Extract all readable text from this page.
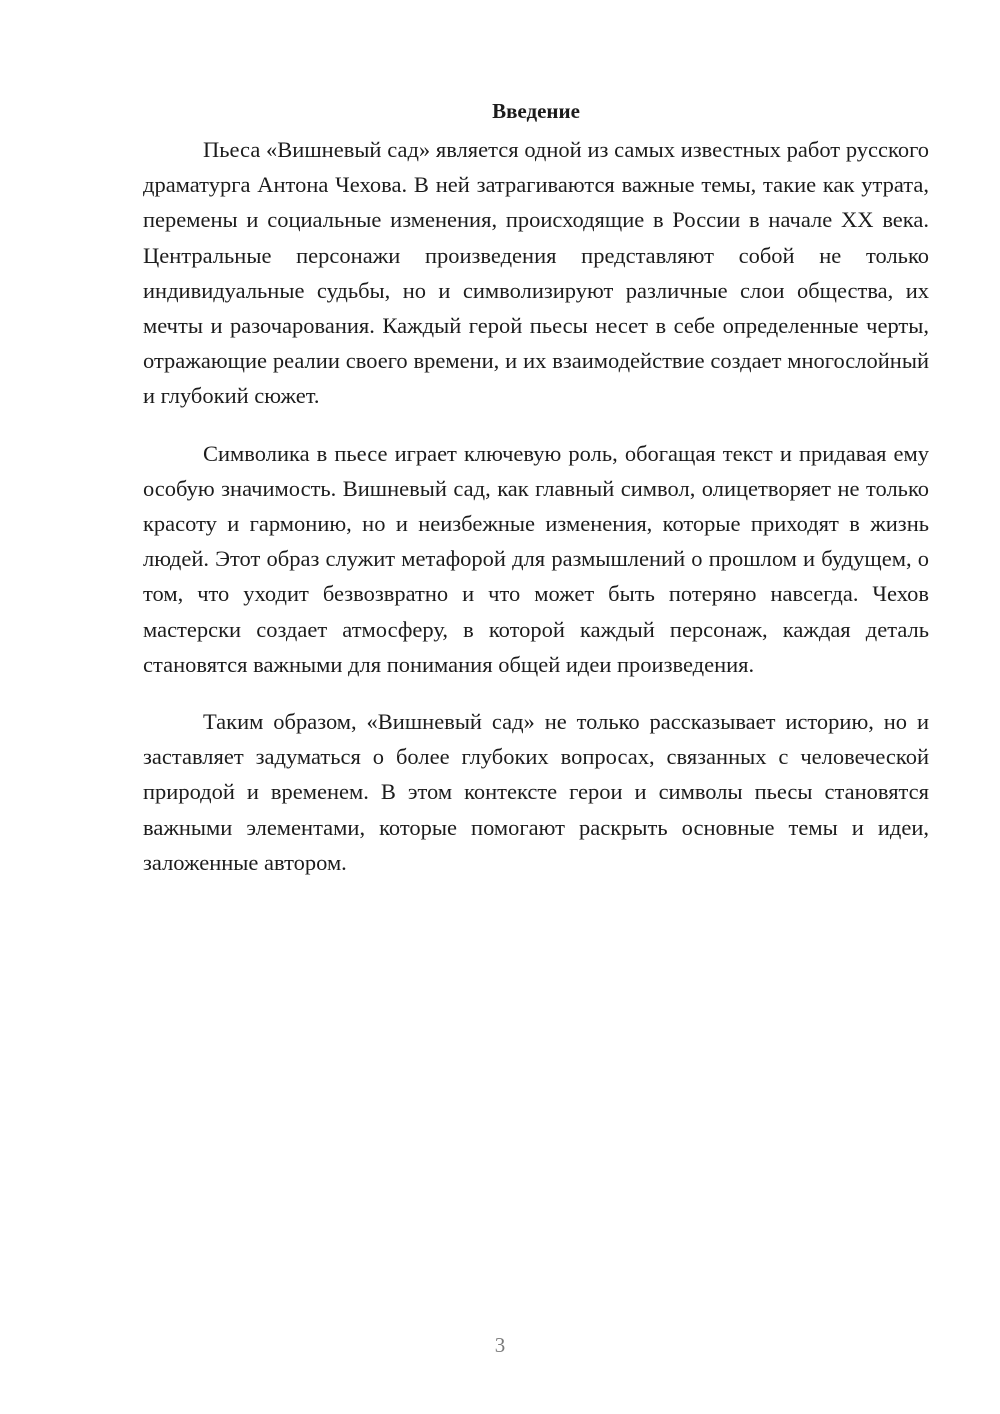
Введение

Пьеса «Вишневый сад» является одной из самых известных работ русского драматурга Антона Чехова. В ней затрагиваются важные темы, такие как утрата, перемены и социальные изменения, происходящие в России в начале XX века. Центральные персонажи произведения представляют собой не только индивидуальные судьбы, но и символизируют различные слои общества, их мечты и разочарования. Каждый герой пьесы несет в себе определенные черты, отражающие реалии своего времени, и их взаимодействие создает многослойный и глубокий сюжет.

Символика в пьесе играет ключевую роль, обогащая текст и придавая ему особую значимость. Вишневый сад, как главный символ, олицетворяет не только красоту и гармонию, но и неизбежные изменения, которые приходят в жизнь людей. Этот образ служит метафорой для размышлений о прошлом и будущем, о том, что уходит безвозвратно и что может быть потеряно навсегда. Чехов мастерски создает атмосферу, в которой каждый персонаж, каждая деталь становятся важными для понимания общей идеи произведения.

Таким образом, «Вишневый сад» не только рассказывает историю, но и заставляет задуматься о более глубоких вопросах, связанных с человеческой природой и временем. В этом контексте герои и символы пьесы становятся важными элементами, которые помогают раскрыть основные темы и идеи, заложенные автором.

3
